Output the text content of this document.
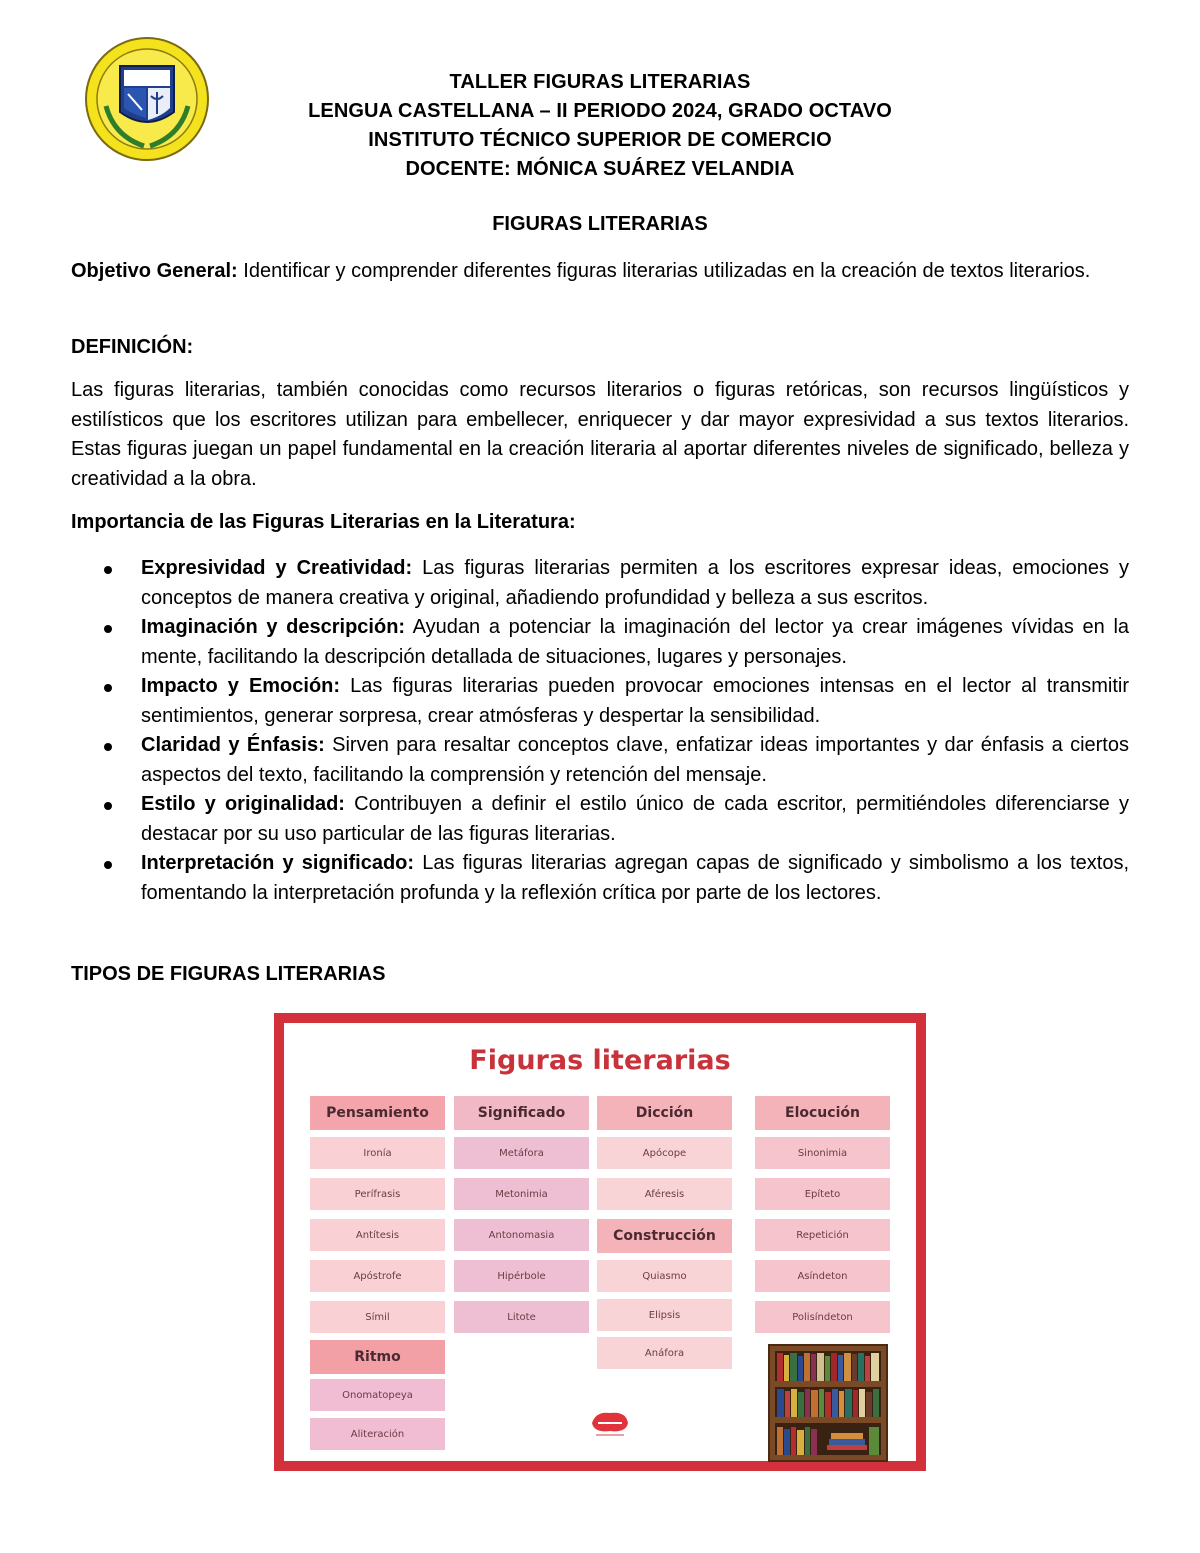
TALLER FIGURAS LITERARIAS
LENGUA CASTELLANA – II PERIODO 2024, GRADO OCTAVO
INSTITUTO TÉCNICO SUPERIOR DE COMERCIO
DOCENTE: MÓNICA SUÁREZ VELANDIA
FIGURAS LITERARIAS
Objetivo General: Identificar y comprender diferentes figuras literarias utilizadas en la creación de textos literarios.
DEFINICIÓN:
Las figuras literarias, también conocidas como recursos literarios o figuras retóricas, son recursos lingüísticos y estilísticos que los escritores utilizan para embellecer, enriquecer y dar mayor expresividad a sus textos literarios. Estas figuras juegan un papel fundamental en la creación literaria al aportar diferentes niveles de significado, belleza y creatividad a la obra.
Importancia de las Figuras Literarias en la Literatura:
Expresividad y Creatividad: Las figuras literarias permiten a los escritores expresar ideas, emociones y conceptos de manera creativa y original, añadiendo profundidad y belleza a sus escritos.
Imaginación y descripción: Ayudan a potenciar la imaginación del lector ya crear imágenes vívidas en la mente, facilitando la descripción detallada de situaciones, lugares y personajes.
Impacto y Emoción: Las figuras literarias pueden provocar emociones intensas en el lector al transmitir sentimientos, generar sorpresa, crear atmósferas y despertar la sensibilidad.
Claridad y Énfasis: Sirven para resaltar conceptos clave, enfatizar ideas importantes y dar énfasis a ciertos aspectos del texto, facilitando la comprensión y retención del mensaje.
Estilo y originalidad: Contribuyen a definir el estilo único de cada escritor, permitiéndoles diferenciarse y destacar por su uso particular de las figuras literarias.
Interpretación y significado: Las figuras literarias agregan capas de significado y simbolismo a los textos, fomentando la interpretación profunda y la reflexión crítica por parte de los lectores.
TIPOS DE FIGURAS LITERARIAS
Figuras literarias
Pensamiento
Ironía
Perífrasis
Antítesis
Apóstrofe
Símil
Ritmo
Onomatopeya
Aliteración
Significado
Metáfora
Metonimia
Antonomasia
Hipérbole
Litote
Dicción
Apócope
Aféresis
Construcción
Quiasmo
Elipsis
Anáfora
Elocución
Sinonimia
Epíteto
Repetición
Asíndeton
Polisíndeton
